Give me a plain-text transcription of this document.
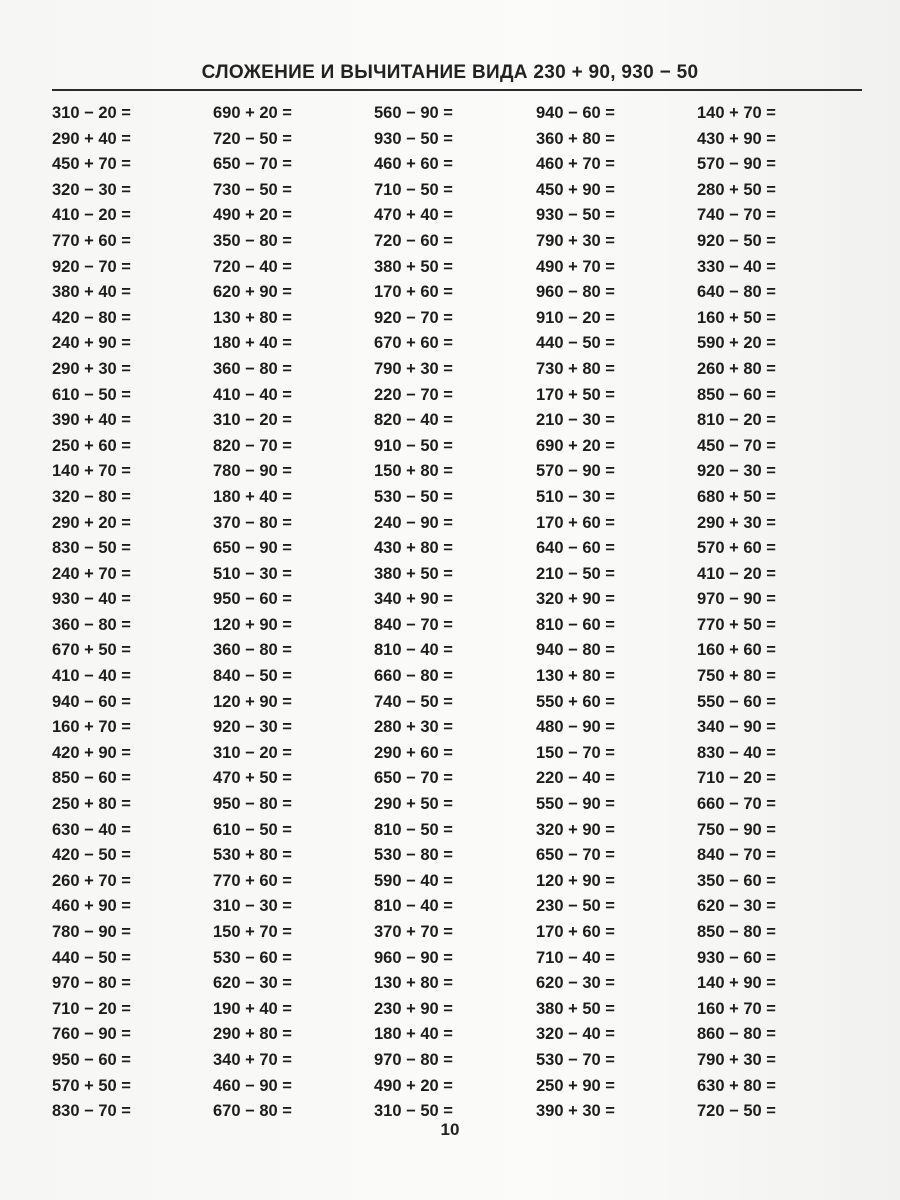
СЛОЖЕНИЕ И ВЫЧИТАНИЕ ВИДА 230 + 90, 930 − 50
310 − 20 =
290 + 40 =
450 + 70 =
320 − 30 =
410 − 20 =
770 + 60 =
920 − 70 =
380 + 40 =
420 − 80 =
240 + 90 =
290 + 30 =
610 − 50 =
390 + 40 =
250 + 60 =
140 + 70 =
320 − 80 =
290 + 20 =
830 − 50 =
240 + 70 =
930 − 40 =
360 − 80 =
670 + 50 =
410 − 40 =
940 − 60 =
160 + 70 =
420 + 90 =
850 − 60 =
250 + 80 =
630 − 40 =
420 − 50 =
260 + 70 =
460 + 90 =
780 − 90 =
440 − 50 =
970 − 80 =
710 − 20 =
760 − 90 =
950 − 60 =
570 + 50 =
830 − 70 =
690 + 20 =
720 − 50 =
650 − 70 =
730 − 50 =
490 + 20 =
350 − 80 =
720 − 40 =
620 + 90 =
130 + 80 =
180 + 40 =
360 − 80 =
410 − 40 =
310 − 20 =
820 − 70 =
780 − 90 =
180 + 40 =
370 − 80 =
650 − 90 =
510 − 30 =
950 − 60 =
120 + 90 =
360 − 80 =
840 − 50 =
120 + 90 =
920 − 30 =
310 − 20 =
470 + 50 =
950 − 80 =
610 − 50 =
530 + 80 =
770 + 60 =
310 − 30 =
150 + 70 =
530 − 60 =
620 − 30 =
190 + 40 =
290 + 80 =
340 + 70 =
460 − 90 =
670 − 80 =
560 − 90 =
930 − 50 =
460 + 60 =
710 − 50 =
470 + 40 =
720 − 60 =
380 + 50 =
170 + 60 =
920 − 70 =
670 + 60 =
790 + 30 =
220 − 70 =
820 − 40 =
910 − 50 =
150 + 80 =
530 − 50 =
240 − 90 =
430 + 80 =
380 + 50 =
340 + 90 =
840 − 70 =
810 − 40 =
660 − 80 =
740 − 50 =
280 + 30 =
290 + 60 =
650 − 70 =
290 + 50 =
810 − 50 =
530 − 80 =
590 − 40 =
810 − 40 =
370 + 70 =
960 − 90 =
130 + 80 =
230 + 90 =
180 + 40 =
970 − 80 =
490 + 20 =
310 − 50 =
940 − 60 =
360 + 80 =
460 + 70 =
450 + 90 =
930 − 50 =
790 + 30 =
490 + 70 =
960 − 80 =
910 − 20 =
440 − 50 =
730 + 80 =
170 + 50 =
210 − 30 =
690 + 20 =
570 − 90 =
510 − 30 =
170 + 60 =
640 − 60 =
210 − 50 =
320 + 90 =
810 − 60 =
940 − 80 =
130 + 80 =
550 + 60 =
480 − 90 =
150 − 70 =
220 − 40 =
550 − 90 =
320 + 90 =
650 − 70 =
120 + 90 =
230 − 50 =
170 + 60 =
710 − 40 =
620 − 30 =
380 + 50 =
320 − 40 =
530 − 70 =
250 + 90 =
390 + 30 =
140 + 70 =
430 + 90 =
570 − 90 =
280 + 50 =
740 − 70 =
920 − 50 =
330 − 40 =
640 − 80 =
160 + 50 =
590 + 20 =
260 + 80 =
850 − 60 =
810 − 20 =
450 − 70 =
920 − 30 =
680 + 50 =
290 + 30 =
570 + 60 =
410 − 20 =
970 − 90 =
770 + 50 =
160 + 60 =
750 + 80 =
550 − 60 =
340 − 90 =
830 − 40 =
710 − 20 =
660 − 70 =
750 − 90 =
840 − 70 =
350 − 60 =
620 − 30 =
850 − 80 =
930 − 60 =
140 + 90 =
160 + 70 =
860 − 80 =
790 + 30 =
630 + 80 =
720 − 50 =
10
